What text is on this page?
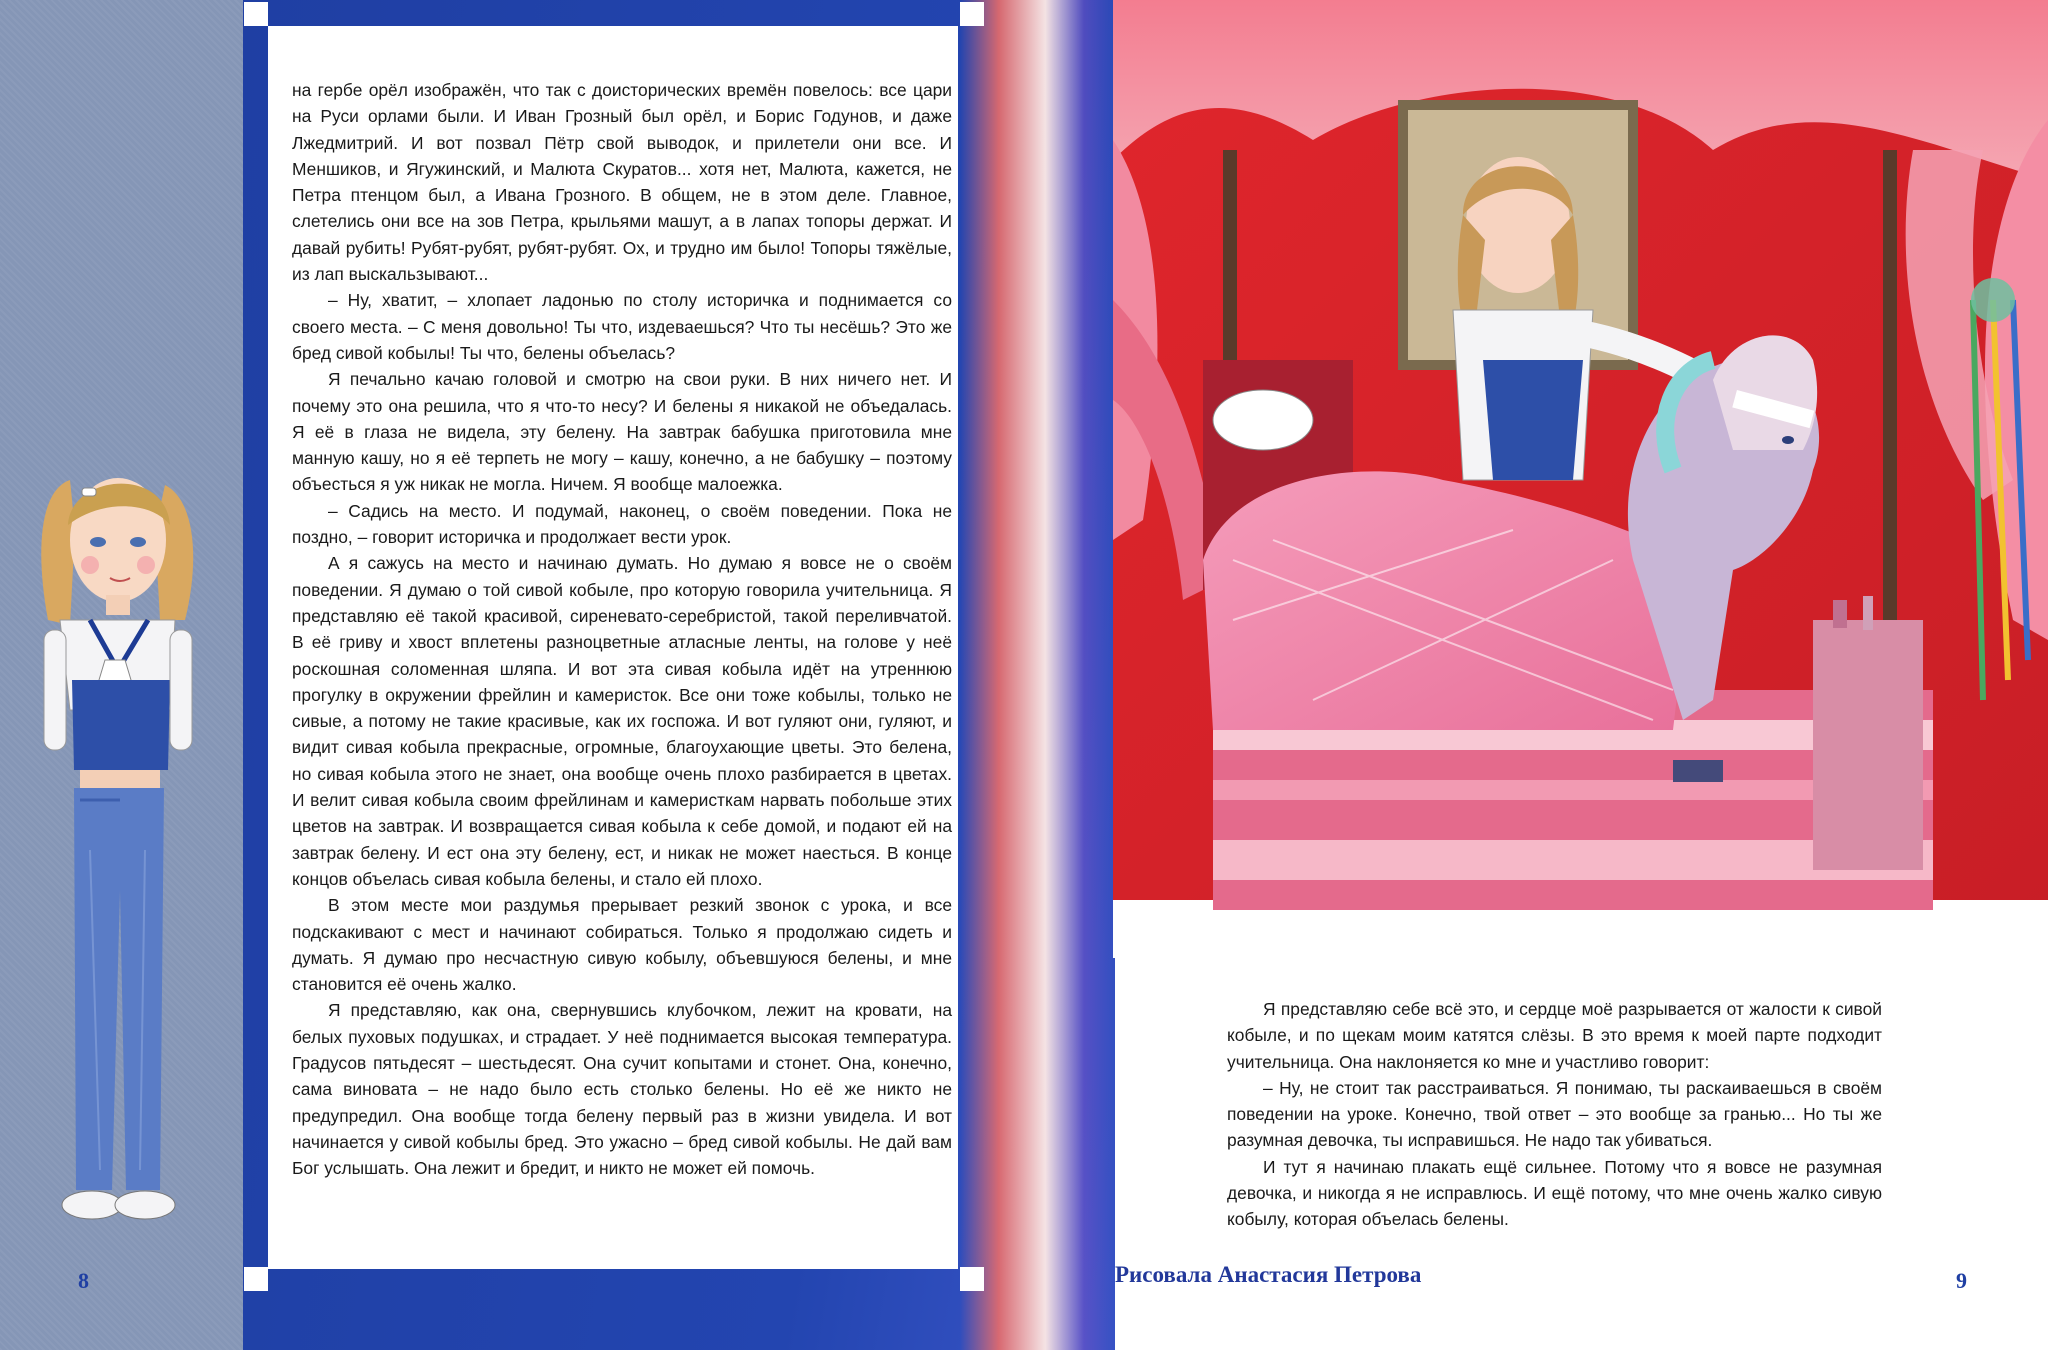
на гербе орёл изображён, что так с доисторических времён повелось: все цари на Руси орлами были. И Иван Грозный был орёл, и Борис Годунов, и даже Лжедмитрий. И вот позвал Пётр свой выводок, и прилетели они все. И Меншиков, и Ягужинский, и Малюта Скуратов... хотя нет, Малюта, кажется, не Петра птенцом был, а Ивана Грозного. В общем, не в этом деле. Главное, слетелись они все на зов Петра, крыльями машут, а в лапах топоры держат. И давай рубить! Рубят-рубят, рубят-рубят. Ох, и трудно им было! Топоры тяжёлые, из лап выскальзывают...

– Ну, хватит, – хлопает ладонью по столу историчка и поднимается со своего места. – С меня довольно! Ты что, издеваешься? Что ты несёшь? Это же бред сивой кобылы! Ты что, белены объелась?

Я печально качаю головой и смотрю на свои руки. В них ничего нет. И почему это она решила, что я что-то несу? И белены я никакой не объедалась. Я её в глаза не видела, эту белену. На завтрак бабушка приготовила мне манную кашу, но я её терпеть не могу – кашу, конечно, а не бабушку – поэтому объесться я уж никак не могла. Ничем. Я вообще малоежка.

– Садись на место. И подумай, наконец, о своём поведении. Пока не поздно, – говорит историчка и продолжает вести урок.

А я сажусь на место и начинаю думать. Но думаю я вовсе не о своём поведении. Я думаю о той сивой кобыле, про которую говорила учительница. Я представляю её такой красивой, сиреневато-серебристой, такой переливчатой. В её гриву и хвост вплетены разноцветные атласные ленты, на голове у неё роскошная соломенная шляпа. И вот эта сивая кобыла идёт на утреннюю прогулку в окружении фрейлин и камеристок. Все они тоже кобылы, только не сивые, а потому не такие красивые, как их госпожа. И вот гуляют они, гуляют, и видит сивая кобыла прекрасные, огромные, благоухающие цветы. Это белена, но сивая кобыла этого не знает, она вообще очень плохо разбирается в цветах. И велит сивая кобыла своим фрейлинам и камеристкам нарвать побольше этих цветов на завтрак. И возвращается сивая кобыла к себе домой, и подают ей на завтрак белену. И ест она эту белену, ест, и никак не может наесться. В конце концов объелась сивая кобыла белены, и стало ей плохо.

В этом месте мои раздумья прерывает резкий звонок с урока, и все подскакивают с мест и начинают собираться. Только я продолжаю сидеть и думать. Я думаю про несчастную сивую кобылу, объевшуюся белены, и мне становится её очень жалко.

Я представляю, как она, свернувшись клубочком, лежит на кровати, на белых пуховых подушках, и страдает. У неё поднимается высокая температура. Градусов пятьдесят – шестьдесят. Она сучит копытами и стонет. Она, конечно, сама виновата – не надо было есть столько белены. Но её же никто не предупредил. Она вообще тогда белену первый раз в жизни увидела. И вот начинается у сивой кобылы бред. Это ужасно – бред сивой кобылы. Не дай вам Бог услышать. Она лежит и бредит, и никто не может ей помочь.

8	Рисовала Анастасия Петрова

Я представляю себе всё это, и сердце моё разрывается от жалости к сивой кобыле, и по щекам моим катятся слёзы. В это время к моей парте подходит учительница. Она наклоняется ко мне и участливо говорит:

– Ну, не стоит так расстраиваться. Я понимаю, ты раскаиваешься в своём поведении на уроке. Конечно, твой ответ – это вообще за гранью... Но ты же разумная девочка, ты исправишься. Не надо так убиваться.

И тут я начинаю плакать ещё сильнее. Потому что я вовсе не разумная девочка, и никогда я не исправлюсь. И ещё потому, что мне очень жалко сивую кобылу, которая объелась белены.

9
